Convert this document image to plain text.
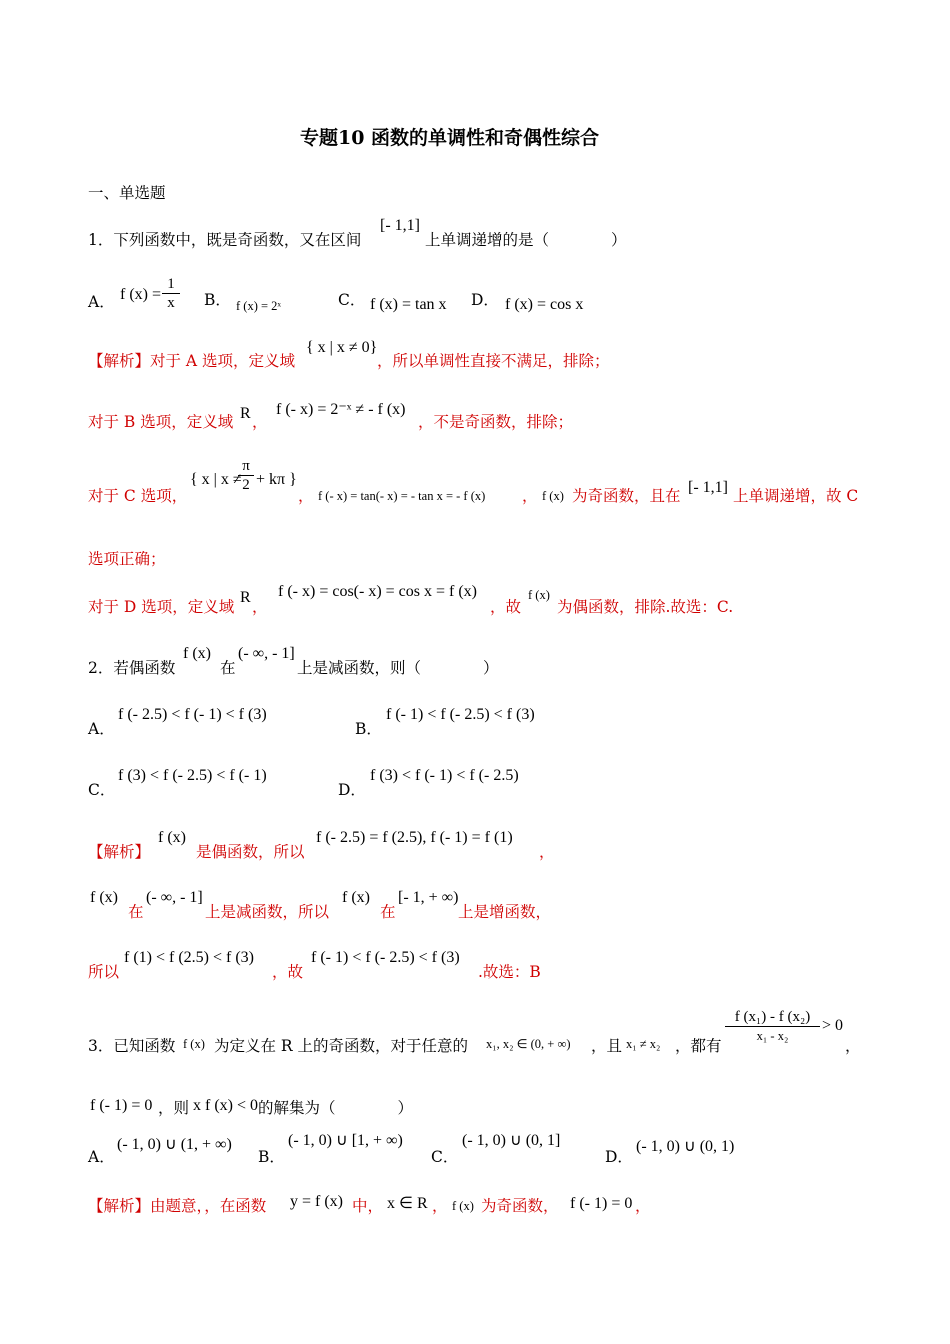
专题10 函数的单调性和奇偶性综合
一、单选题
1．下列函数中，既是奇函数，又在区间
[- 1,1]
上单调递增的是（　　　　）
A． f $(x) = \frac{1}{x}$ B． f (x) = 2ˣ	C． f (x) = tan x D． f (x) = cos x
【解析】 对于 A 选项，定义域
{ x | x ≠ 0}
，所以单调性直接不满足，排除；
对于 B 选项，定义域 R ，
f (- x) = 2⁻ˣ ≠ - f (x)
，不是奇函数，排除；
对于 C 选项，
{ x | x ≠
$\frac{\pi}{2} + k\pi$ }
， f (- x) = tan(- x) = - tan x = - f (x) ， f (x) 为奇函数，且在 [- 1,1] 上单调递增，故 C
选项正确；
对于 D 选项，定义域
R
，
f (- x) = cos(- x) = cos x = f (x)
，故
f (x)
为偶函数，排除.故选：C.
2．若偶函数
f (x)
在
(- ∞, - 1]
上是减函数，则（　　　　）
A．
f (- 2.5) < f (- 1) < f (3)
B．
f (- 1) < f (- 2.5) < f (3)
C．
f (3) < f (- 2.5) < f (- 1)
D．
f (3) < f (- 1) < f (- 2.5)
【解析】
f (x)
是偶函数，所以
f (- 2.5) = f (2.5), f (- 1) = f (1)
，
f (x)
在
(- ∞, - 1]
上是减函数，所以
f (x)
在
[- 1, + ∞)
上是增函数，
所以
f (1) < f (2.5) < f (3)
，故
f (- 1) < f (- 2.5) < f (3)
.故选：B
3．已知函数 f (x) 为定义在 R 上的奇函数，对于任意的 x₁, x₂ ∈ (0, + ∞) ，且 x₁ ≠ x₂ ，都有
f (x₁) - f (x₂)
x₁ - x₂
> 0
，
f (- 1) = 0 ，则 x f (x) < 0 的解集为（　　　　）
A．
(- 1, 0) ∪ (1, + ∞)
B．
(- 1, 0) ∪ [1, + ∞)
C．
(- 1, 0) ∪ (0, 1]
D．
(- 1, 0) ∪ (0, 1)
【解析】 由题意，，在函数 y = f (x) 中， x ∈ R ， f (x) 为奇函数， f (- 1) = 0 ，
